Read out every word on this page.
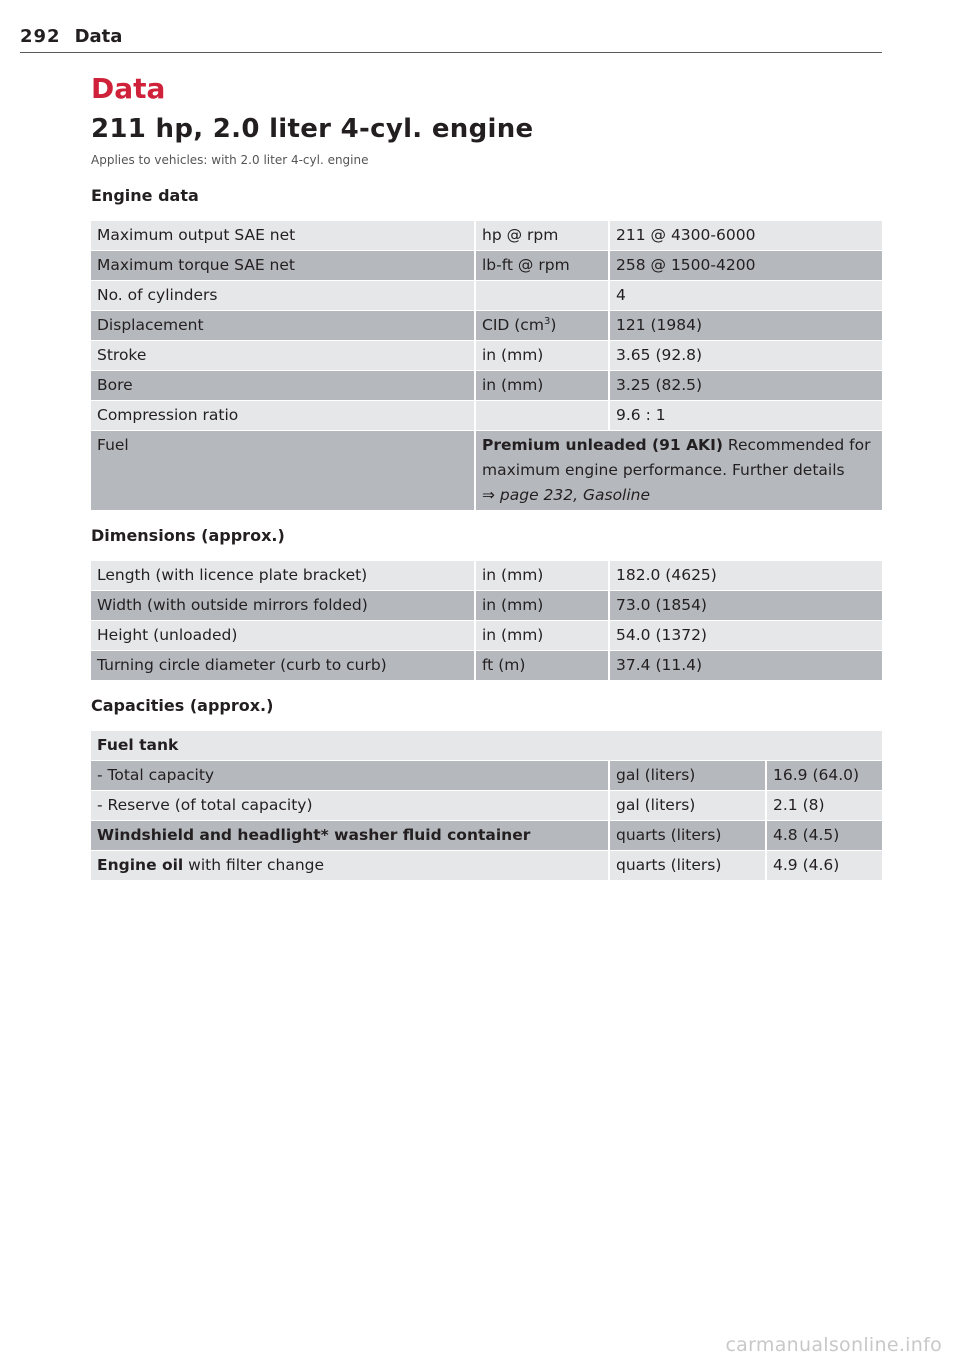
292 Data
Data
211 hp, 2.0 liter 4-cyl. engine
Applies to vehicles: with 2.0 liter 4-cyl. engine
Engine data
Maximum output SAE net	hp @ rpm	211 @ 4300-6000
Maximum torque SAE net	lb-ft @ rpm	258 @ 1500-4200
No. of cylinders		4
Displacement	CID $(cm^3)$	121 (1984)
Stroke	in (mm)	3.65 (92.8)
Bore	in (mm)	3.25 (82.5)
Compression ratio		9.6 : 1
Fuel	Premium unleaded (91 AKI) Recommended for maximum engine performance. Further details
⇒ page 232, Gasoline	
Dimensions (approx.)
Length (with licence plate bracket)	in (mm)	182.0 (4625)
Width (with outside mirrors folded)	in (mm)	73.0 (1854)
Height (unloaded)	in (mm)	54.0 (1372)
Turning circle diameter (curb to curb)	ft (m)	37.4 (11.4)
Capacities (approx.)
Fuel tank		
- Total capacity	gal (liters)	16.9 (64.0)
- Reserve (of total capacity)	gal (liters)	2.1 (8)
Windshield and headlight* washer fluid container	quarts (liters)	4.8 (4.5)
Engine oil with filter change	quarts (liters)	4.9 (4.6)
carmanualsonline.info
